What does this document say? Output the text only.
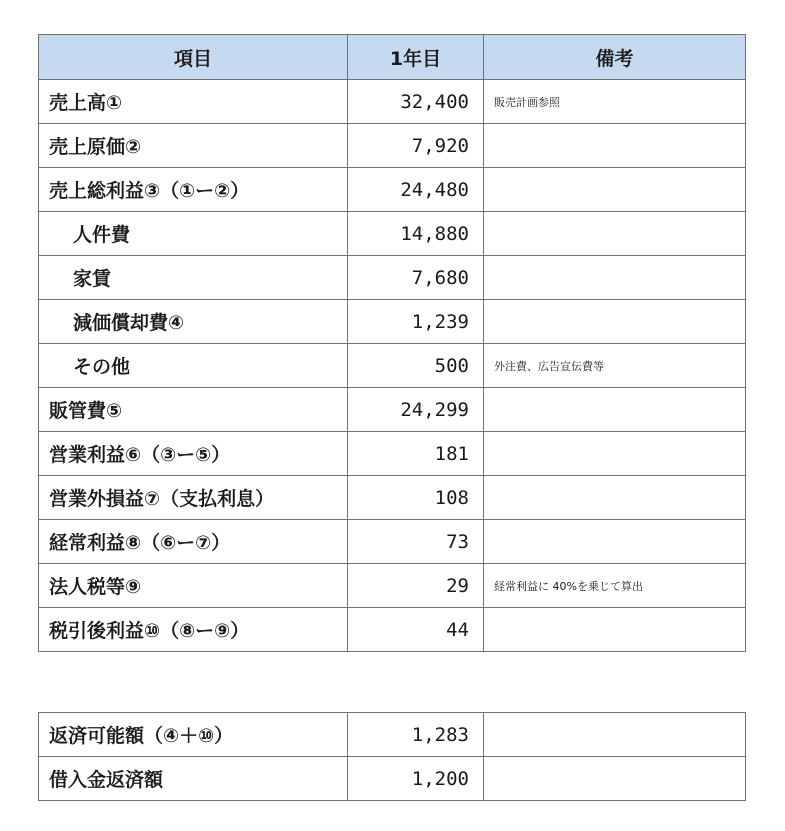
項目	1年目	備考
売上高①	32,400	販売計画参照
売上原価②	7,920	
売上総利益③（①ー②）	24,480	
人件費	14,880	
家賃	7,680	
減価償却費④	1,239	
その他	500	外注費、広告宣伝費等
販管費⑤	24,299	
営業利益⑥（③ー⑤）	181	
営業外損益⑦（支払利息）	108	
経常利益⑧（⑥ー⑦）	73	
法人税等⑨	29	経常利益に 40%を乗じて算出
税引後利益⑩（⑧ー⑨）	44	
返済可能額（④＋⑩）	1,283	
借入金返済額	1,200	
